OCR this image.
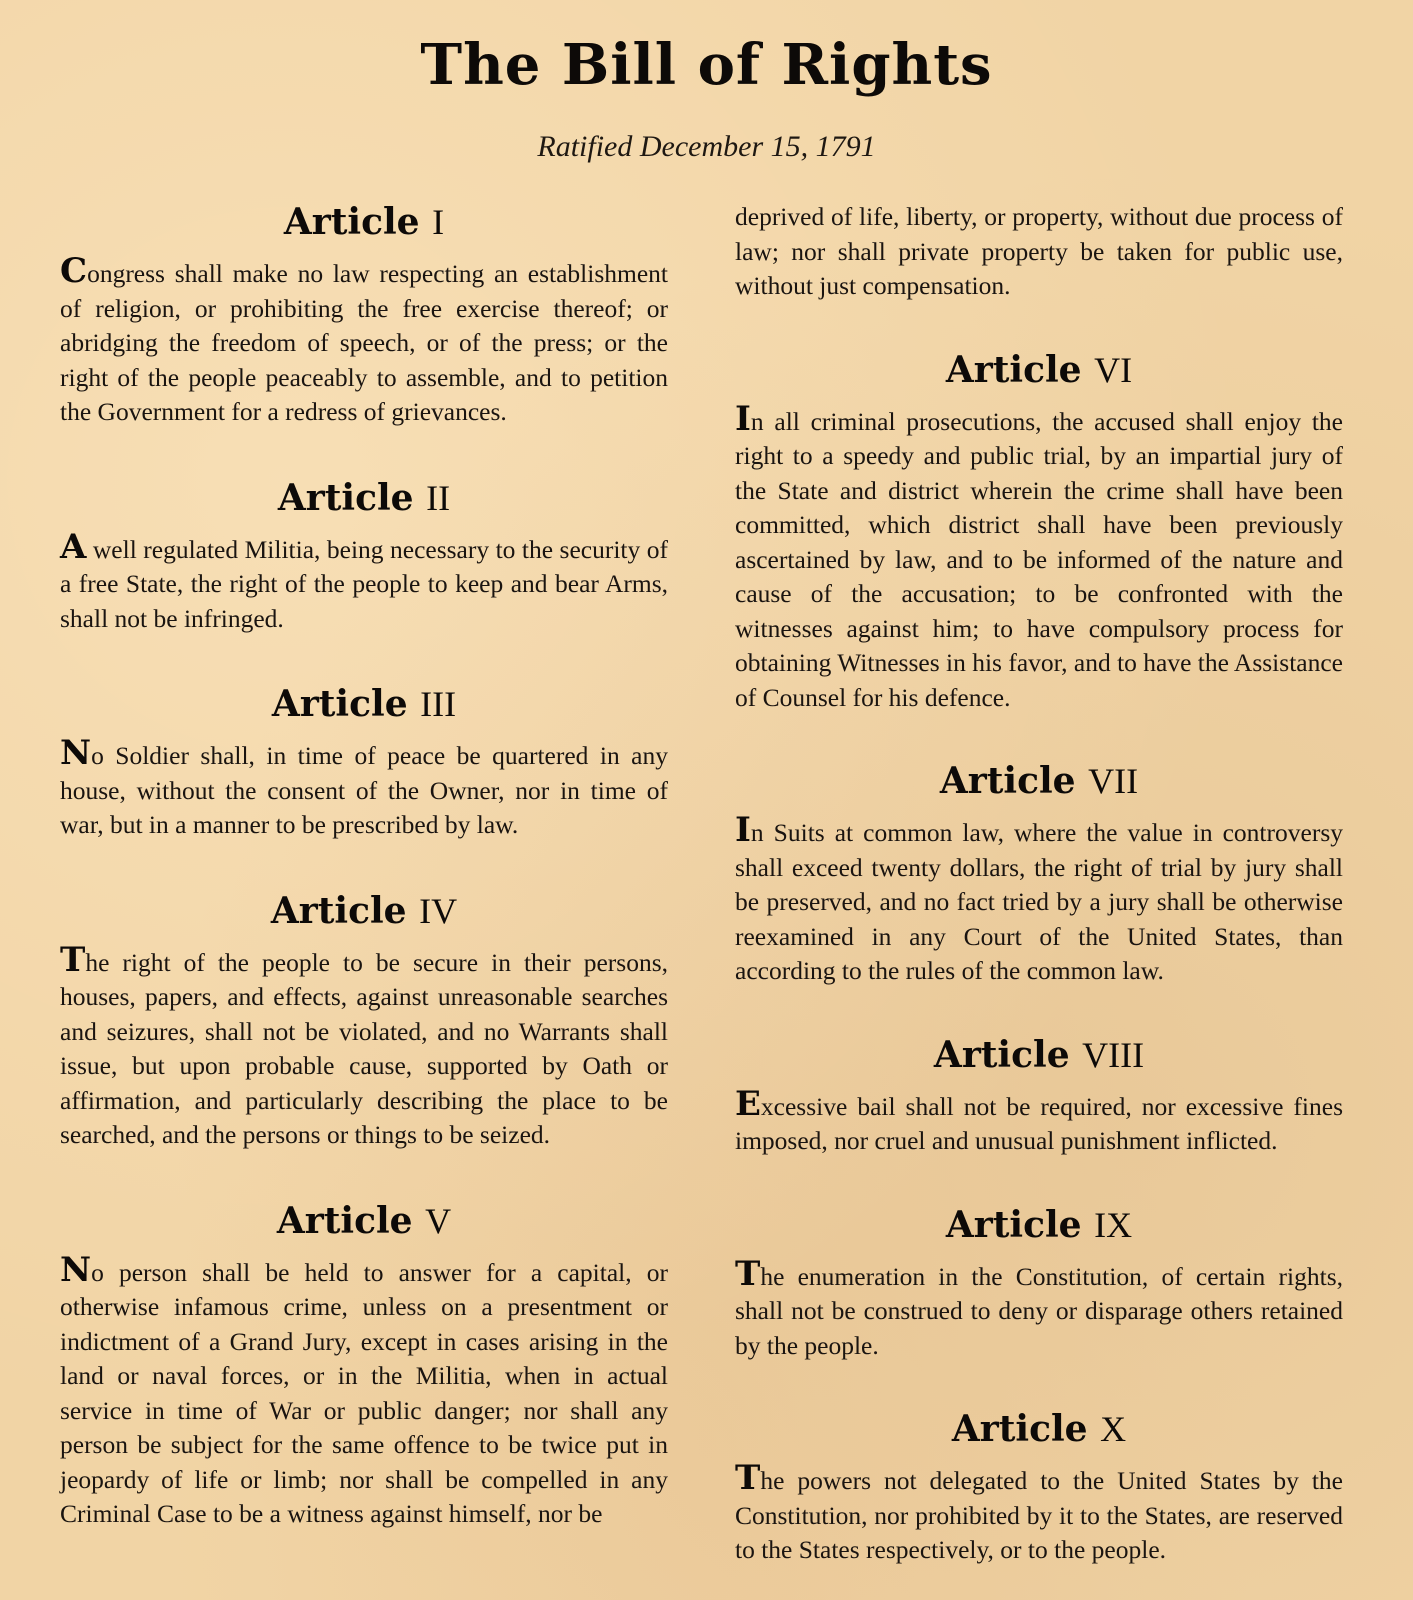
The Bill of Rights
Ratified December 15, 1791
Article I
Congress shall make no law respecting an establishment of religion, or prohibiting the free exercise thereof; or abridging the freedom of speech, or of the press; or the right of the people peaceably to assemble, and to petition the Government for a redress of grievances.
Article II
A well regulated Militia, being necessary to the security of a free State, the right of the people to keep and bear Arms, shall not be infringed.
Article III
No Soldier shall, in time of peace be quartered in any house, without the consent of the Owner, nor in time of war, but in a manner to be prescribed by law.
Article IV
The right of the people to be secure in their persons, houses, papers, and effects, against unreasonable searches and seizures, shall not be violated, and no Warrants shall issue, but upon probable cause, supported by Oath or affirmation, and particularly describing the place to be searched, and the persons or things to be seized.
Article V
No person shall be held to answer for a capital, or otherwise infamous crime, unless on a presentment or indictment of a Grand Jury, except in cases arising in the land or naval forces, or in the Militia, when in actual service in time of War or public danger; nor shall any person be subject for the same offence to be twice put in jeopardy of life or limb; nor shall be compelled in any Criminal Case to be a witness against himself, nor be
deprived of life, liberty, or property, without due process of law; nor shall private property be taken for public use, without just compensation.
Article VI
In all criminal prosecutions, the accused shall enjoy the right to a speedy and public trial, by an impartial jury of the State and district wherein the crime shall have been committed, which district shall have been previously ascertained by law, and to be informed of the nature and cause of the accusation; to be confronted with the witnesses against him; to have compulsory process for obtaining Witnesses in his favor, and to have the Assistance of Counsel for his defence.
Article VII
In Suits at common law, where the value in controversy shall exceed twenty dollars, the right of trial by jury shall be preserved, and no fact tried by a jury shall be otherwise reexamined in any Court of the United States, than according to the rules of the common law.
Article VIII
Excessive bail shall not be required, nor excessive fines imposed, nor cruel and unusual punishment inflicted.
Article IX
The enumeration in the Constitution, of certain rights, shall not be construed to deny or disparage others retained by the people.
Article X
The powers not delegated to the United States by the Constitution, nor prohibited by it to the States, are reserved to the States respectively, or to the people.
